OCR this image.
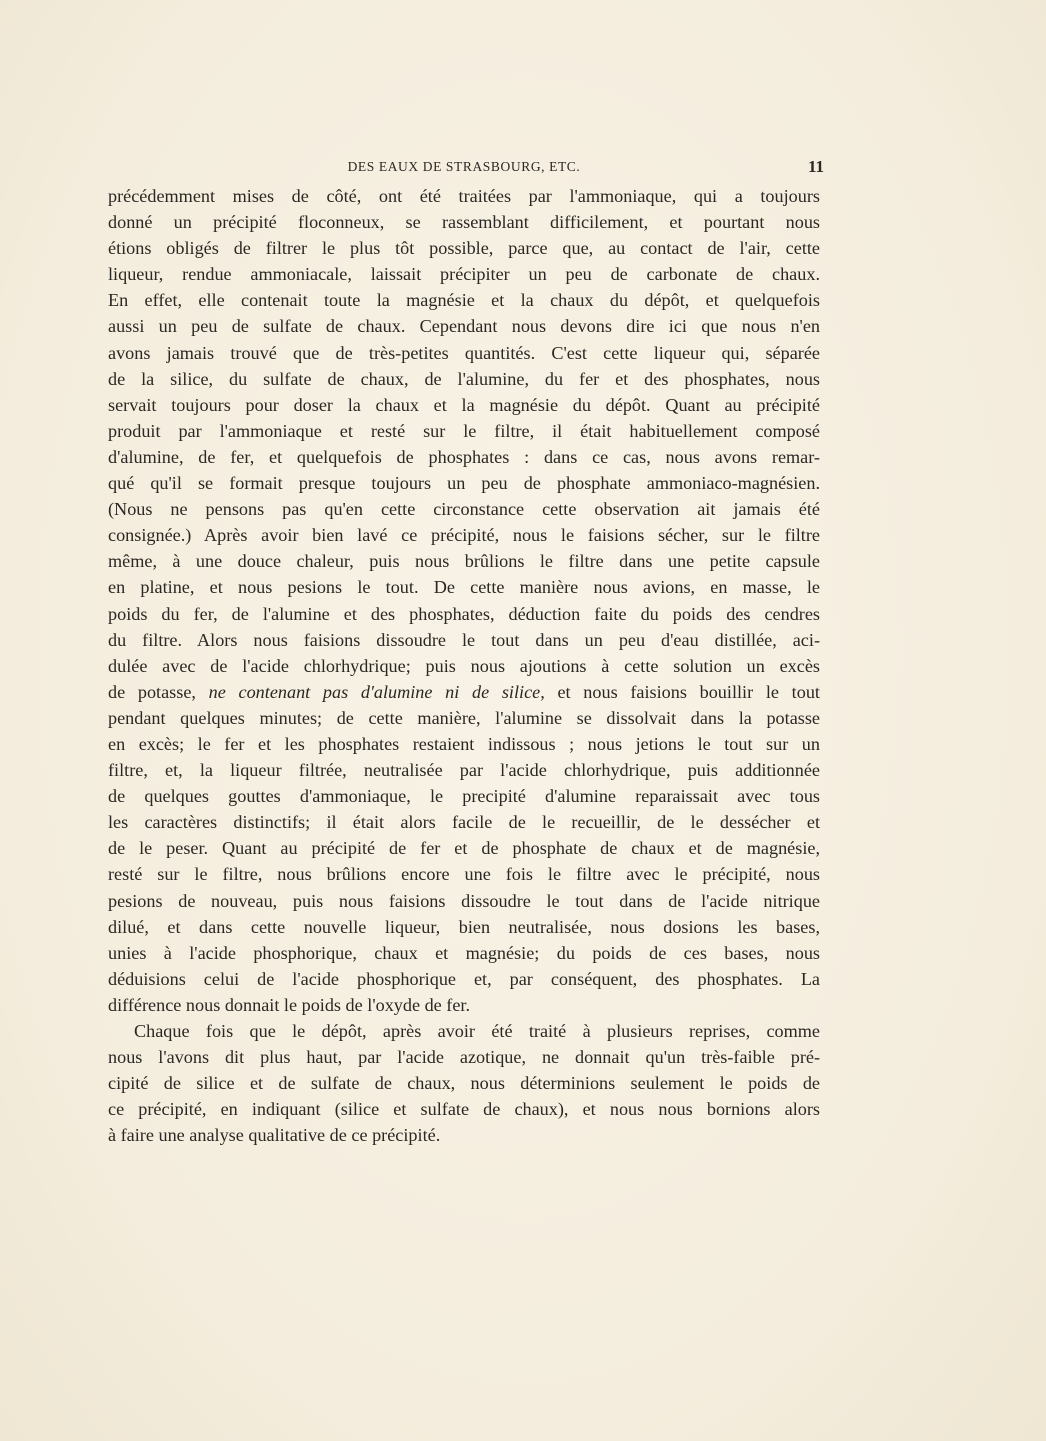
DES EAUX DE STRASBOURG, ETC.	11

précédemment mises de côté, ont été traitées par l'ammoniaque, qui a toujours
donné un précipité floconneux, se rassemblant difficilement, et pourtant nous
étions obligés de filtrer le plus tôt possible, parce que, au contact de l'air, cette
liqueur, rendue ammoniacale, laissait précipiter un peu de carbonate de chaux.
En effet, elle contenait toute la magnésie et la chaux du dépôt, et quelquefois
aussi un peu de sulfate de chaux. Cependant nous devons dire ici que nous n'en
avons jamais trouvé que de très-petites quantités. C'est cette liqueur qui, séparée
de la silice, du sulfate de chaux, de l'alumine, du fer et des phosphates, nous
servait toujours pour doser la chaux et la magnésie du dépôt. Quant au précipité
produit par l'ammoniaque et resté sur le filtre, il était habituellement composé
d'alumine, de fer, et quelquefois de phosphates : dans ce cas, nous avons remar-
qué qu'il se formait presque toujours un peu de phosphate ammoniaco-magnésien.
(Nous ne pensons pas qu'en cette circonstance cette observation ait jamais été
consignée.) Après avoir bien lavé ce précipité, nous le faisions sécher, sur le filtre
même, à une douce chaleur, puis nous brûlions le filtre dans une petite capsule
en platine, et nous pesions le tout. De cette manière nous avions, en masse, le
poids du fer, de l'alumine et des phosphates, déduction faite du poids des cendres
du filtre. Alors nous faisions dissoudre le tout dans un peu d'eau distillée, aci-
dulée avec de l'acide chlorhydrique; puis nous ajoutions à cette solution un excès
de potasse, ne contenant pas d'alumine ni de silice, et nous faisions bouillir le tout
pendant quelques minutes; de cette manière, l'alumine se dissolvait dans la potasse
en excès; le fer et les phosphates restaient indissous ; nous jetions le tout sur un
filtre, et, la liqueur filtrée, neutralisée par l'acide chlorhydrique, puis additionnée
de quelques gouttes d'ammoniaque, le precipité d'alumine reparaissait avec tous
les caractères distinctifs; il était alors facile de le recueillir, de le dessécher et
de le peser. Quant au précipité de fer et de phosphate de chaux et de magnésie,
resté sur le filtre, nous brûlions encore une fois le filtre avec le précipité, nous
pesions de nouveau, puis nous faisions dissoudre le tout dans de l'acide nitrique
dilué, et dans cette nouvelle liqueur, bien neutralisée, nous dosions les bases,
unies à l'acide phosphorique, chaux et magnésie; du poids de ces bases, nous
déduisions celui de l'acide phosphorique et, par conséquent, des phosphates. La
différence nous donnait le poids de l'oxyde de fer.

Chaque fois que le dépôt, après avoir été traité à plusieurs reprises, comme
nous l'avons dit plus haut, par l'acide azotique, ne donnait qu'un très-faible pré-
cipité de silice et de sulfate de chaux, nous déterminions seulement le poids de
ce précipité, en indiquant (silice et sulfate de chaux), et nous nous bornions alors
à faire une analyse qualitative de ce précipité.
